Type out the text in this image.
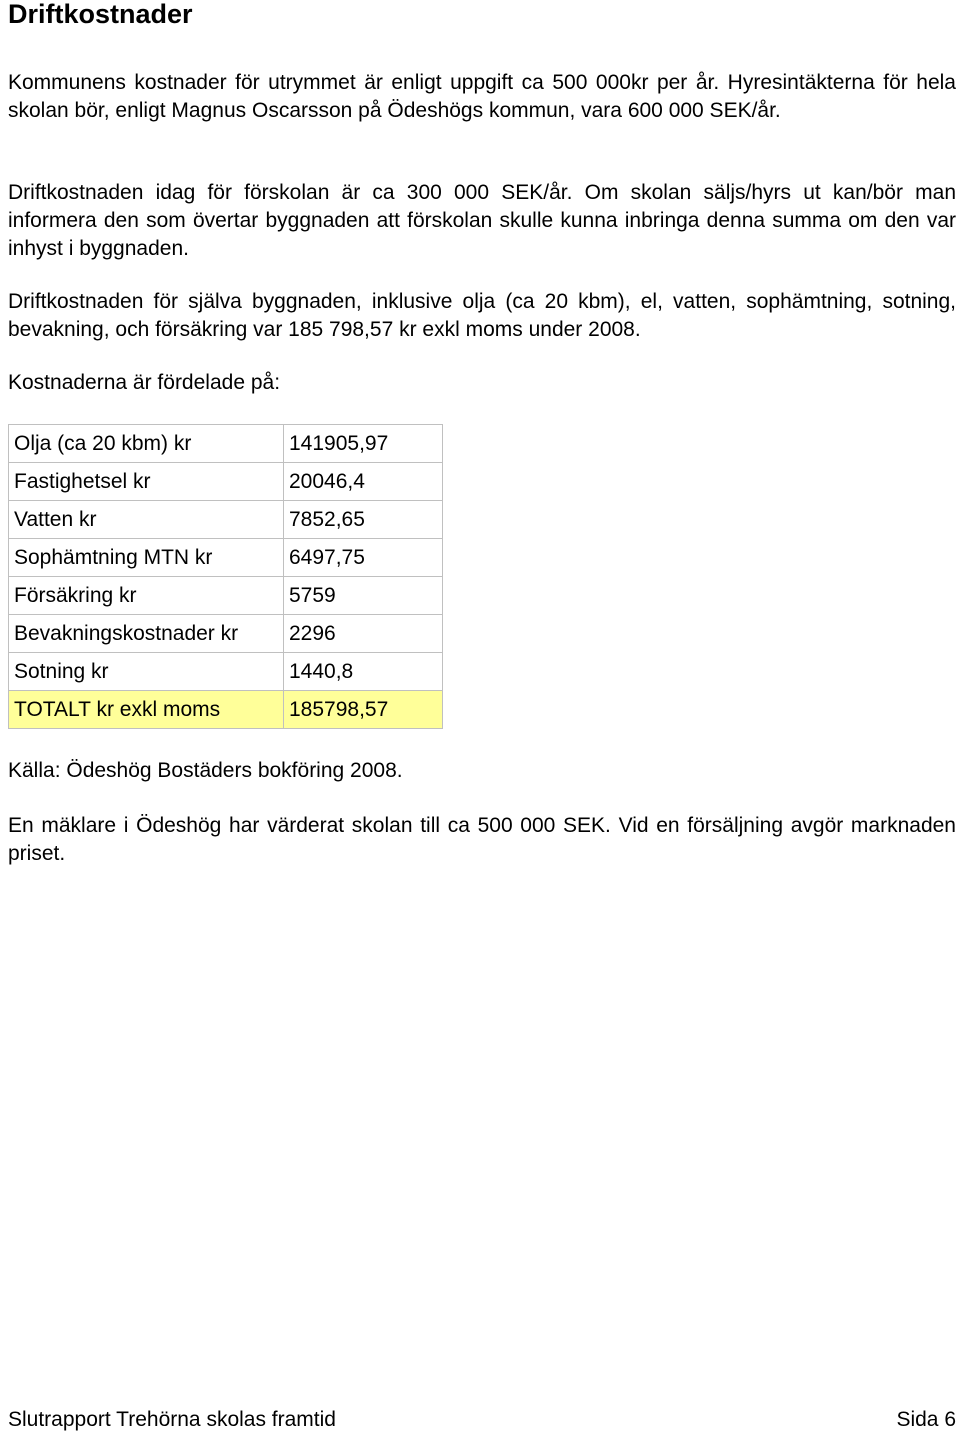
Driftkostnader

Kommunens kostnader för utrymmet är enligt uppgift ca 500 000kr per år. Hyresintäkterna för hela skolan bör, enligt Magnus Oscarsson på Ödeshögs kommun, vara 600 000 SEK/år.

Driftkostnaden idag för förskolan är ca 300 000 SEK/år. Om skolan säljs/hyrs ut kan/bör man informera den som övertar byggnaden att förskolan skulle kunna inbringa denna summa om den var inhyst i byggnaden.

Driftkostnaden för själva byggnaden, inklusive olja (ca 20 kbm), el, vatten, sophämtning, sotning, bevakning, och försäkring var 185 798,57 kr exkl moms under 2008.

Kostnaderna är fördelade på:

Olja (ca 20 kbm) kr	141905,97
Fastighetsel kr	20046,4
Vatten kr	7852,65
Sophämtning MTN kr	6497,75
Försäkring kr	5759
Bevakningskostnader kr	2296
Sotning kr	1440,8
TOTALT kr exkl moms	185798,57

Källa: Ödeshög Bostäders bokföring 2008.

En mäklare i Ödeshög har värderat skolan till ca 500 000 SEK. Vid en försäljning avgör marknaden priset.

Slutrapport Trehörna skolas framtid	Sida 6
